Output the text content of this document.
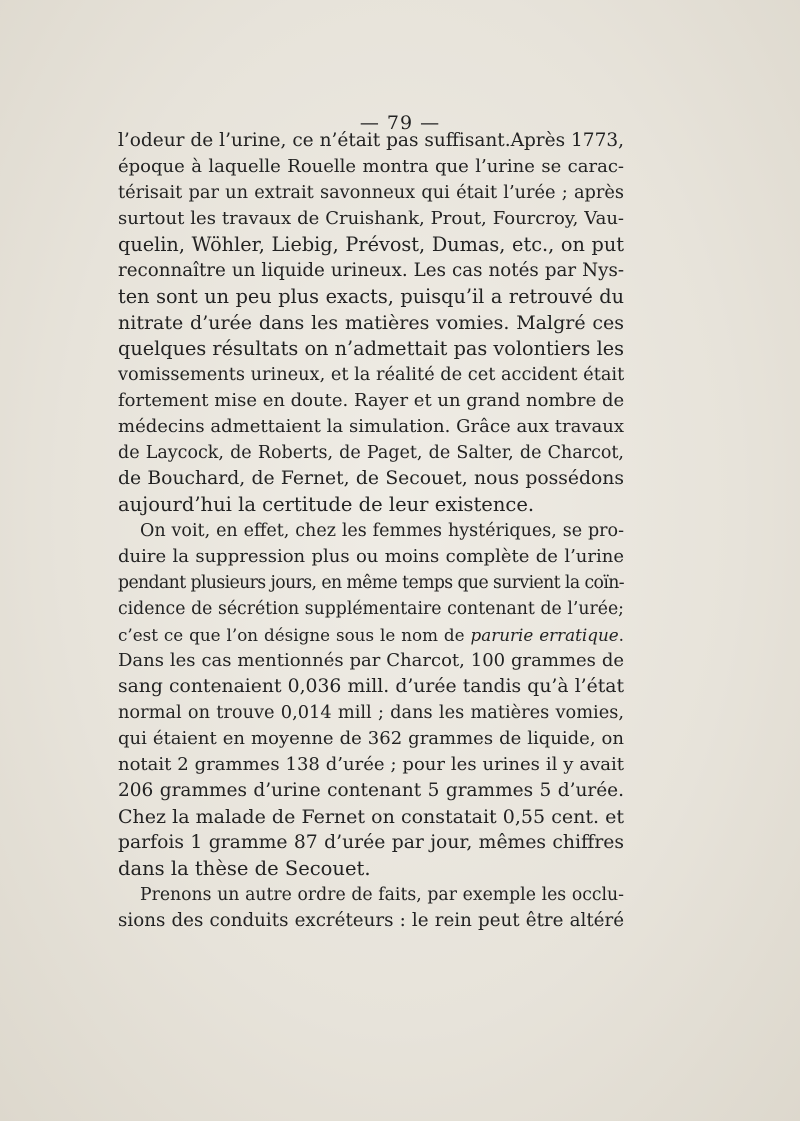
— 79 —
l’odeur de l’urine, ce n’était pas suffisant.Après 1773,
époque à laquelle Rouelle montra que l’urine se carac-
térisait par un extrait savonneux qui était l’urée ; après
surtout les travaux de Cruishank, Prout, Fourcroy, Vau-
quelin, Wöhler, Liebig, Prévost, Dumas, etc., on put
reconnaître un liquide urineux. Les cas notés par Nys-
ten sont un peu plus exacts, puisqu’il a retrouvé du
nitrate d’urée dans les matières vomies. Malgré ces
quelques résultats on n’admettait pas volontiers les
vomissements urineux, et la réalité de cet accident était
fortement mise en doute. Rayer et un grand nombre de
médecins admettaient la simulation. Grâce aux travaux
de Laycock, de Roberts, de Paget, de Salter, de Charcot,
de Bouchard, de Fernet, de Secouet, nous possédons
aujourd’hui la certitude de leur existence.
On voit, en effet, chez les femmes hystériques, se pro-
duire la suppression plus ou moins complète de l’urine
pendant plusieurs jours, en même temps que survient la coïn-
cidence de sécrétion supplémentaire contenant de l’urée;
c’est ce que l’on désigne sous le nom de parurie erratique.
Dans les cas mentionnés par Charcot, 100 grammes de
sang contenaient 0,036 mill. d’urée tandis qu’à l’état
normal on trouve 0,014 mill ; dans les matières vomies,
qui étaient en moyenne de 362 grammes de liquide, on
notait 2 grammes 138 d’urée ; pour les urines il y avait
206 grammes d’urine contenant 5 grammes 5 d’urée.
Chez la malade de Fernet on constatait 0,55 cent. et
parfois 1 gramme 87 d’urée par jour, mêmes chiffres
dans la thèse de Secouet.
Prenons un autre ordre de faits, par exemple les occlu-
sions des conduits excréteurs : le rein peut être altéré
